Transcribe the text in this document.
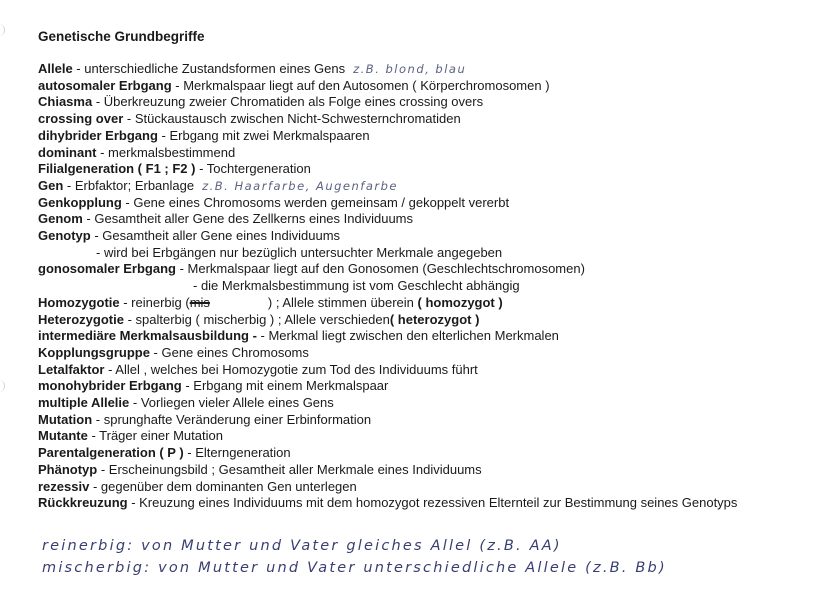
Genetische Grundbegriffe
Allele - unterschiedliche Zustandsformen eines Gens z.B. blond, blau
autosomaler Erbgang - Merkmalspaar liegt auf den Autosomen ( Körperchromosomen )
Chiasma - Überkreuzung zweier Chromatiden als Folge eines crossing overs
crossing over - Stückaustausch zwischen Nicht-Schwesternchromatiden
dihybrider Erbgang - Erbgang mit zwei Merkmalspaaren
dominant - merkmalsbestimmend
Filialgeneration ( F1 ; F2 ) - Tochtergeneration
Gen - Erbfaktor; Erbanlage z.B. Haarfarbe, Augenfarbe
Genkopplung - Gene eines Chromosoms werden gemeinsam / gekoppelt vererbt
Genom - Gesamtheit aller Gene des Zellkerns eines Individuums
Genotyp - Gesamtheit aller Gene eines Individuums
- wird bei Erbgängen nur bezüglich untersuchter Merkmale angegeben
gonosomaler Erbgang - Merkmalspaar liegt auf den Gonosomen (Geschlechtschromosomen)
- die Merkmalsbestimmung ist vom Geschlecht abhängig
Homozygotie - reinerbig (mis	) ; Allele stimmen überein ( homozygot )
Heterozygotie - spalterbig ( mischerbig ) ; Allele verschieden( heterozygot )
intermediäre Merkmalsausbildung - - Merkmal liegt zwischen den elterlichen Merkmalen
Kopplungsgruppe - Gene eines Chromosoms
Letalfaktor - Allel , welches bei Homozygotie zum Tod des Individuums führt
monohybrider Erbgang - Erbgang mit einem Merkmalspaar
multiple Allelie - Vorliegen vieler Allele eines Gens
Mutation - sprunghafte Veränderung einer Erbinformation
Mutante - Träger einer Mutation
Parentalgeneration ( P ) - Elterngeneration
Phänotyp - Erscheinungsbild ; Gesamtheit aller Merkmale eines Individuums
rezessiv - gegenüber dem dominanten Gen unterlegen
Rückkreuzung - Kreuzung eines Individuums mit dem homozygot rezessiven Elternteil zur Bestimmung seines Genotyps
reinerbig: von Mutter und Vater gleiches Allel (z.B. AA)
mischerbig: von Mutter und Vater unterschiedliche Allele (z.B. Bb)
